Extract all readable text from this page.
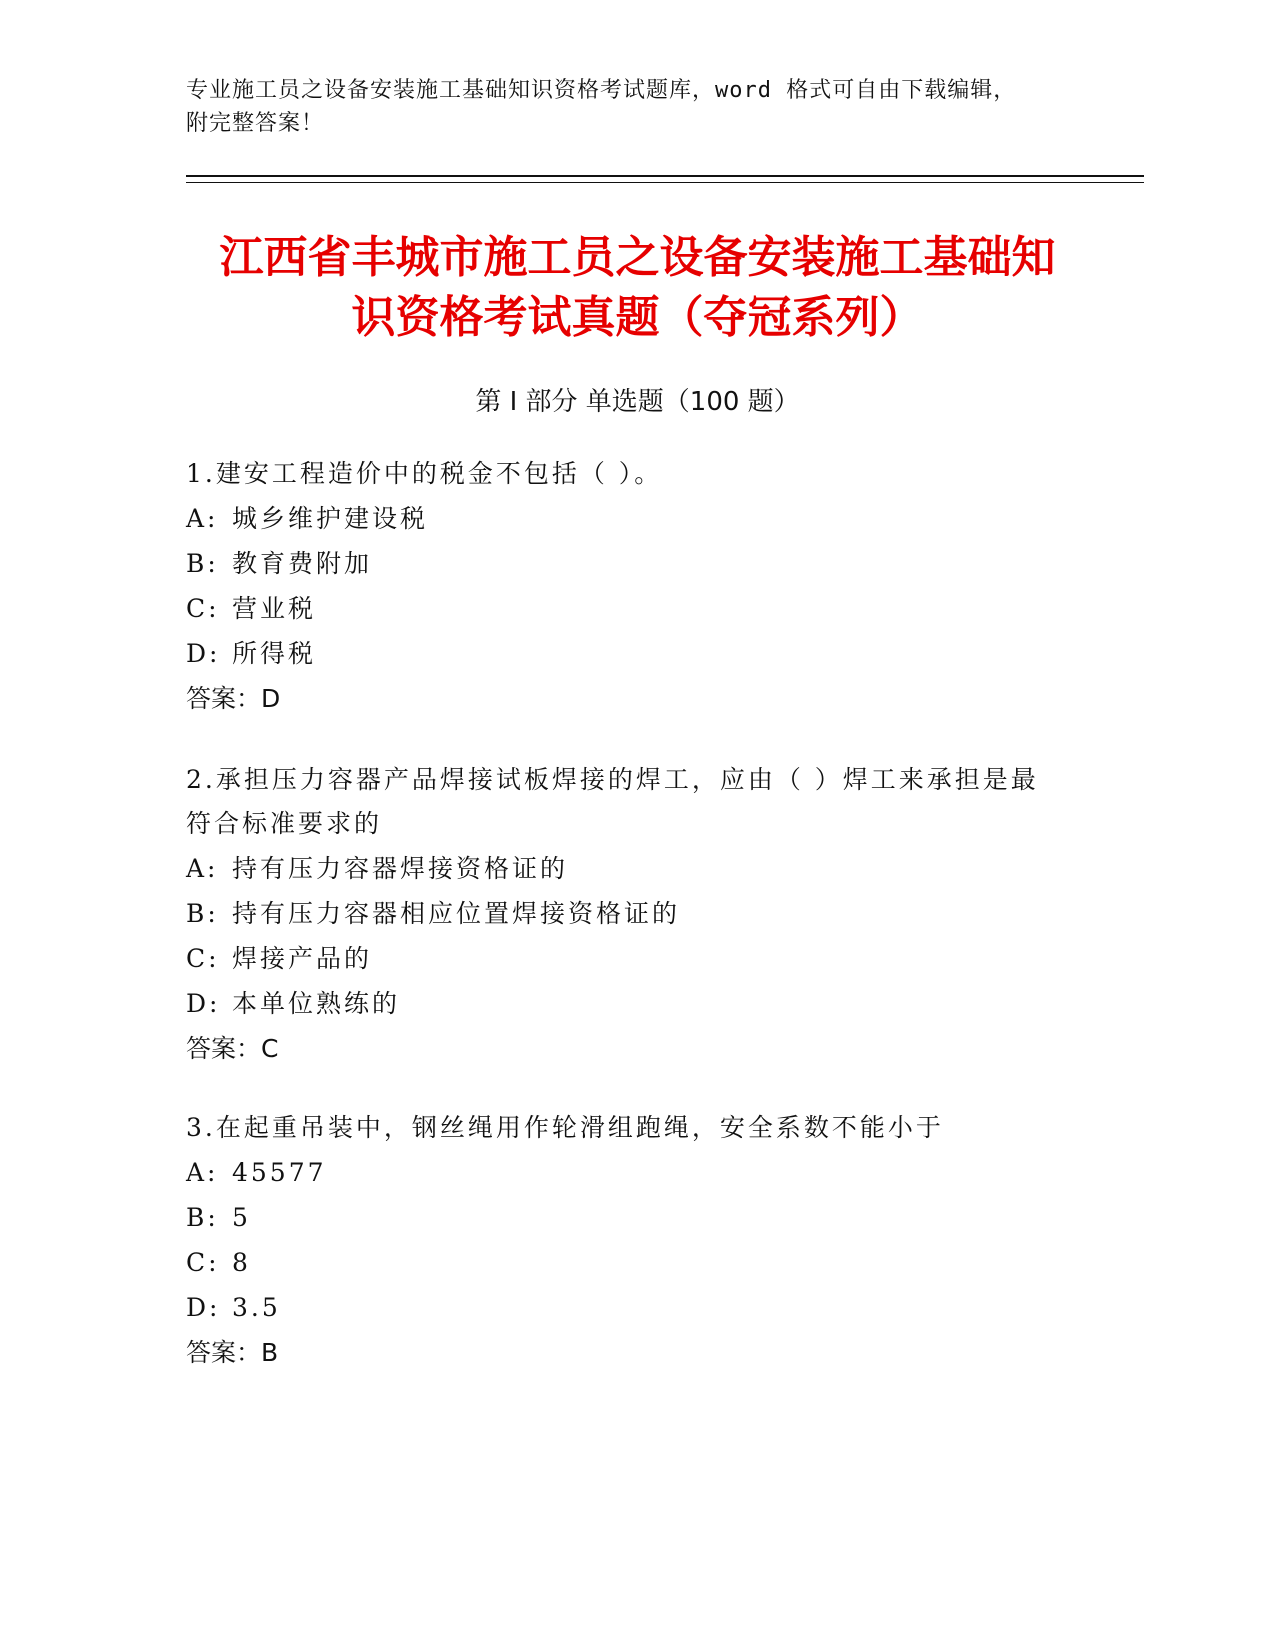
专业施工员之设备安装施工基础知识资格考试题库，word 格式可自由下载编辑，
附完整答案！
江西省丰城市施工员之设备安装施工基础知
识资格考试真题（夺冠系列）
第 I 部分 单选题（100 题）

1.建安工程造价中的税金不包括（ ）。

A: 城乡维护建设税

B: 教育费附加

C: 营业税

D: 所得税

答案：D

2.承担压力容器产品焊接试板焊接的焊工，应由（ ）焊工来承担是最

符合标准要求的

A: 持有压力容器焊接资格证的

B: 持有压力容器相应位置焊接资格证的

C: 焊接产品的

D: 本单位熟练的

答案：C

3.在起重吊装中，钢丝绳用作轮滑组跑绳，安全系数不能小于

A: 45577

B: 5

C: 8

D: 3.5

答案：B
